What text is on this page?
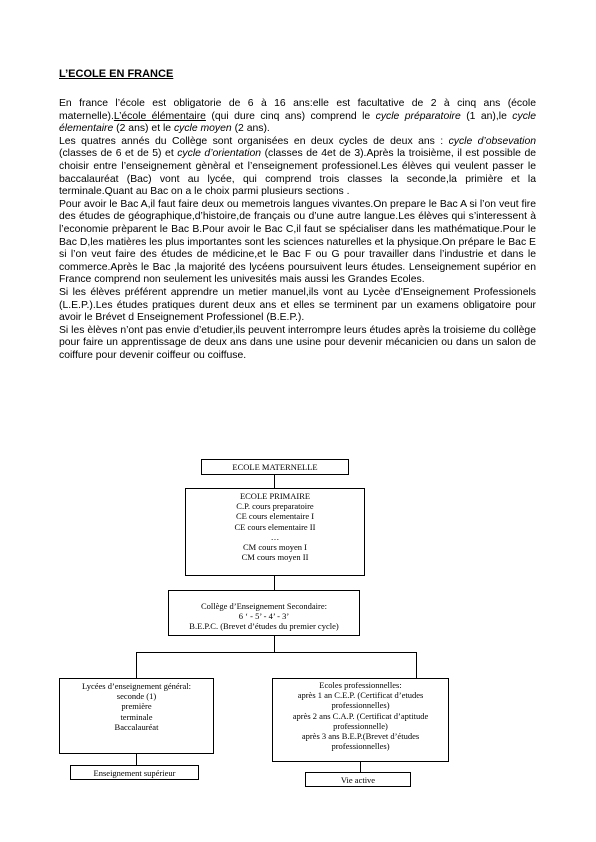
L’ECOLE EN FRANCE

En france l’école est obligatorie de 6 à 16 ans:elle est facultative de 2 à cinq ans (école maternelle).L’école élémentaire (qui dure cinq ans) comprend le cycle préparatoire (1 an),le cycle élementaire (2 ans) et le cycle moyen (2 ans).

Les quatres annés du Collège sont organisées en deux cycles de deux ans : cycle d’obsevation (classes de 6 et de 5) et cycle d’orientation (classes de 4et de 3).Après la troisième, il est possible de choisir entre l’enseignement gènèral et l’enseignement professionel.Les élèves qui veulent passer le baccalauréat (Bac) vont au lycée, qui comprend trois classes la seconde,la primière et la terminale.Quant au Bac on a le choix parmi plusieurs sections .

Pour avoir le Bac A,il faut faire deux ou memetrois langues vivantes.On prepare le Bac A si l’on veut fire des études de géographique,d’histoire,de français ou d’une autre langue.Les élèves qui s’interessent à l’economie prèparent le Bac B.Pour avoir le Bac C,il faut se spécialiser dans les mathématique.Pour le Bac D,les matières les plus importantes sont les sciences naturelles et la physique.On prépare le Bac E si l’on veut faire des études de médicine,et le Bac F ou G pour travailler dans l’industrie et dans le commerce.Après le Bac ,la majorité des lycéens poursuivent leurs études. Lenseignement supérior en France comprend non seulement les univesités mais aussi les Grandes Ecoles.

Si les élèves préférent apprendre un metier manuel,ils vont au Lycèe d’Enseignement Professionels (L.E.P.).Les études pratiques durent deux ans et elles se terminent par un examens obligatoire pour avoir le Brévet d Enseignement Professionel (B.E.P.).

Si les èlèves n’ont pas envie d’etudier,ils peuvent interrompre leurs études après la troisieme du collège pour faire un apprentissage de deux ans dans une usine pour devenir mécanicien ou dans un salon de coiffure pour devenir coiffeur ou coiffuse.

ECOLE MATERNELLE
ECOLE PRIMAIRE
C.P. cours preparatoire
CE cours elementaire I
CE cours elementaire II
…
CM cours moyen I
CM cours moyen II
Collège d’Enseignement Secondaire:
6 ‘ - 5’ - 4’ - 3’
B.E.P.C. (Brevet d’études du premier cycle)
Lycées d’enseignement général:
seconde (1)
première
terminale
Baccalauréat
Ecoles professionnelles:
après 1 an C.E.P. (Certificat d’etudes professionnelles)
après 2 ans C.A.P. (Certificat d’aptitude professionnelle)
après 3 ans B.E.P.(Brevet d’études professionnelles)
Enseignement supérieur
Vie active
